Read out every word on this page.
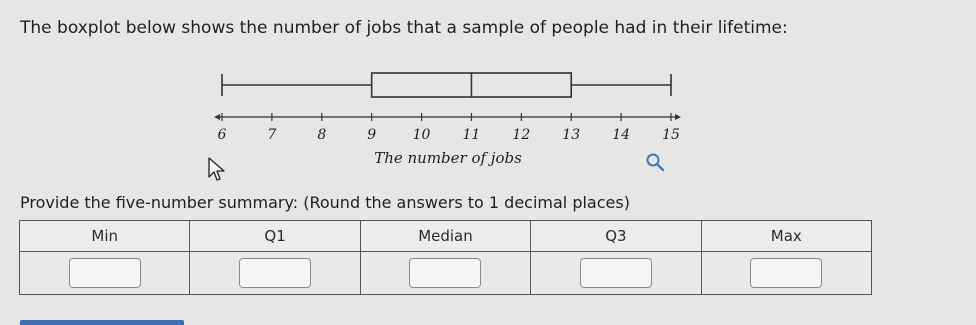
The boxplot below shows the number of jobs that a sample of people had in their lifetime:
6	7	8	9	10 11 12 13 14 15
The number of jobs
Provide the five-number summary: (Round the answers to 1 decimal places)
Min	Q1	Median	Q3	Max
